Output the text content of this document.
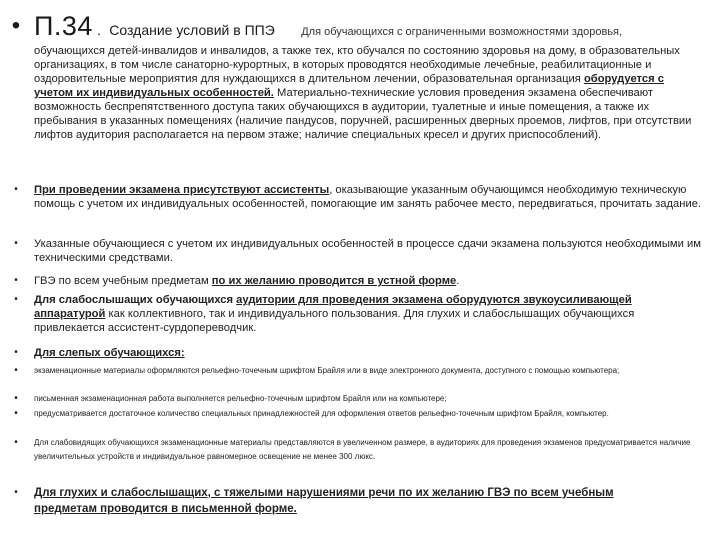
• П.34 . Создание условий в ППЭ Для обучающихся с ограниченными возможностями здоровья,
обучающихся детей-инвалидов и инвалидов, а также тех, кто обучался по состоянию здоровья на дому, в образовательных организациях, в том числе санаторно-курортных, в которых проводятся необходимые лечебные, реабилитационные и оздоровительные мероприятия для нуждающихся в длительном лечении, образовательная организация оборудуется с учетом их индивидуальных особенностей. Материально-технические условия проведения экзамена обеспечивают возможность беспрепятственного доступа таких обучающихся в аудитории, туалетные и иные помещения, а также их пребывания в указанных помещениях (наличие пандусов, поручней, расширенных дверных проемов, лифтов, при отсутствии лифтов аудитория располагается на первом этаже; наличие специальных кресел и других приспособлений).
•	При проведении экзамена присутствуют ассистенты, оказывающие указанным обучающимся необходимую техническую помощь с учетом их индивидуальных особенностей, помогающие им занять рабочее место, передвигаться, прочитать задание.
•	Указанные обучающиеся с учетом их индивидуальных особенностей в процессе сдачи экзамена пользуются необходимыми им техническими средствами.
•	ГВЭ по всем учебным предметам по их желанию проводится в устной форме.
•	Для слабослышащих обучающихся аудитории для проведения экзамена оборудуются звукоусиливающей аппаратурой как коллективного, так и индивидуального пользования. Для глухих и слабослышащих обучающихся привлекается ассистент-сурдопереводчик.
•	Для слепых обучающихся:
•	экзаменационные материалы оформляются рельефно-точечным шрифтом Брайля или в виде электронного документа, доступного с помощью компьютера;
•	письменная экзаменационная работа выполняется рельефно-точечным шрифтом Брайля или на компьютере;
•	предусматривается достаточное количество специальных принадлежностей для оформления ответов рельефно-точечным шрифтом Брайля, компьютер.
•	Для слабовидящих обучающихся экзаменационные материалы представляются в увеличенном размере, в аудиториях для проведения экзаменов предусматривается наличие увеличительных устройств и индивидуальное равномерное освещение не менее 300 люкс.
•	Для глухих и слабослышащих, с тяжелыми нарушениями речи по их желанию ГВЭ по всем учебным предметам проводится в письменной форме.
